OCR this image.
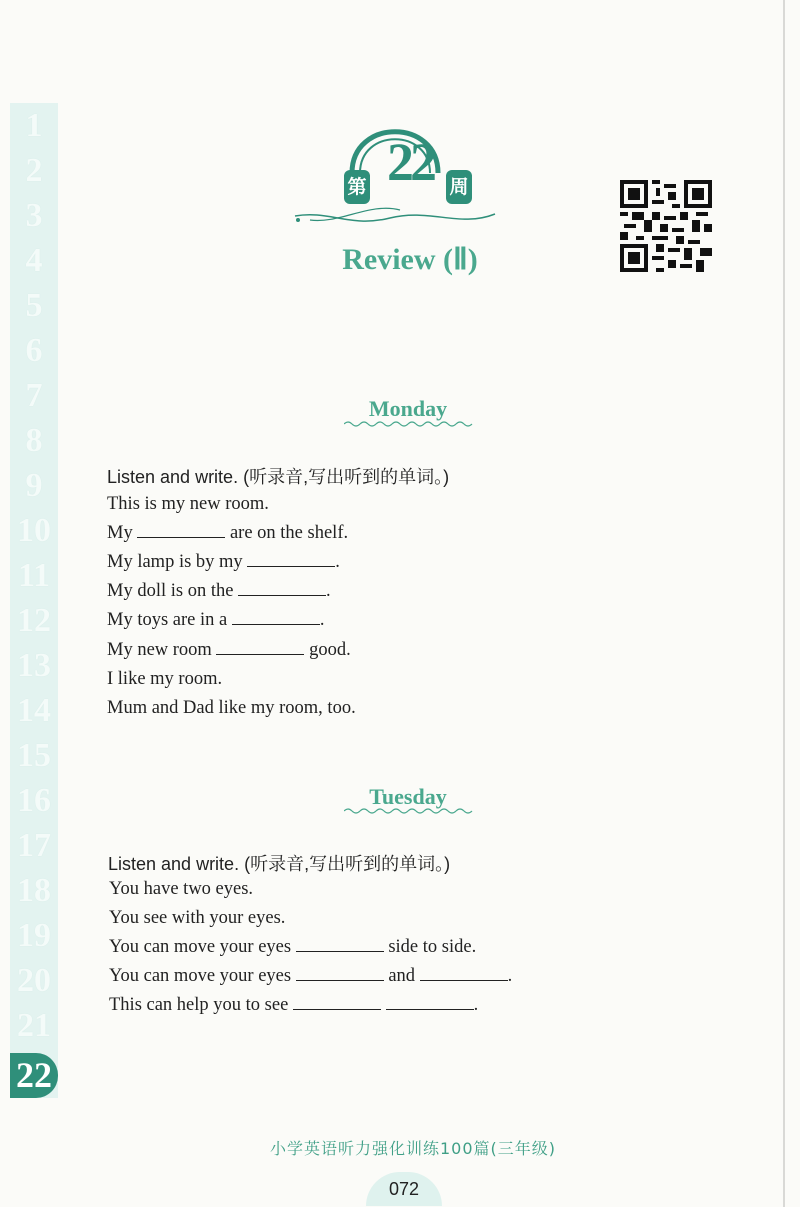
1
2
3
4
5
6
7
8
9
10
11
12
13
14
15
16
17
18
19
20
21
22
第 22 周
Review (Ⅱ)
Monday
Listen and write. (听录音,写出听到的单词。)
This is my new room.
My	are on the shelf.
My lamp is by my	.
My doll is on the	.
My toys are in a	.
My new room	good.
I like my room.
Mum and Dad like my room, too.
Tuesday
Listen and write. (听录音,写出听到的单词。)
You have two eyes.
You see with your eyes.
You can move your eyes	side to side.
You can move your eyes	and	.
This can help you to see	.
小学英语听力强化训练100篇(三年级)
072
